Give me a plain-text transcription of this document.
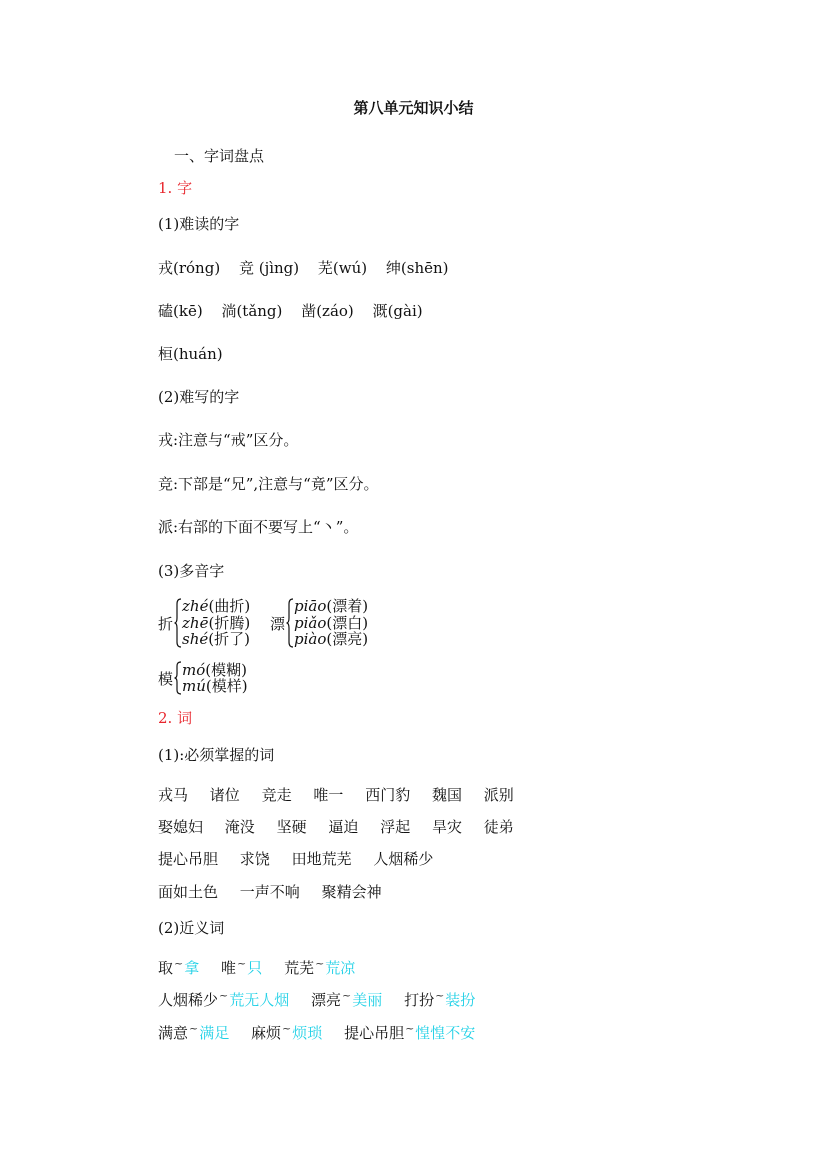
第八单元知识小结
一、字词盘点
1. 字
(1)难读的字
戎(róng) 竞 (jìng) 芜(wú) 绅(shēn)
磕(kē) 淌(tǎng) 凿(záo) 溉(gài)
桓(huán)
(2)难写的字
戎:注意与“戒”区分。
竞:下部是“兄”,注意与“竟”区分。
派:右部的下面不要写上“丶”。
(3)多音字
折
zhé(曲折)
zhē(折腾)
shé(折了)
漂
piāo(漂着)
piǎo(漂白)
piào(漂亮)
模 mó(模糊)
mú(模样)
2. 词
(1):必须掌握的词
戎马 诸位 竞走 唯一 西门豹 魏国 派别
娶媳妇 淹没 坚硬 逼迫 浮起 旱灾 徒弟
提心吊胆 求饶 田地荒芜 人烟稀少
面如土色 一声不响 聚精会神
(2)近义词
取~拿 唯~只 荒芜~荒凉
人烟稀少~荒无人烟 漂亮~美丽 打扮~装扮
满意~满足 麻烦~烦琐 提心吊胆~惶惶不安
